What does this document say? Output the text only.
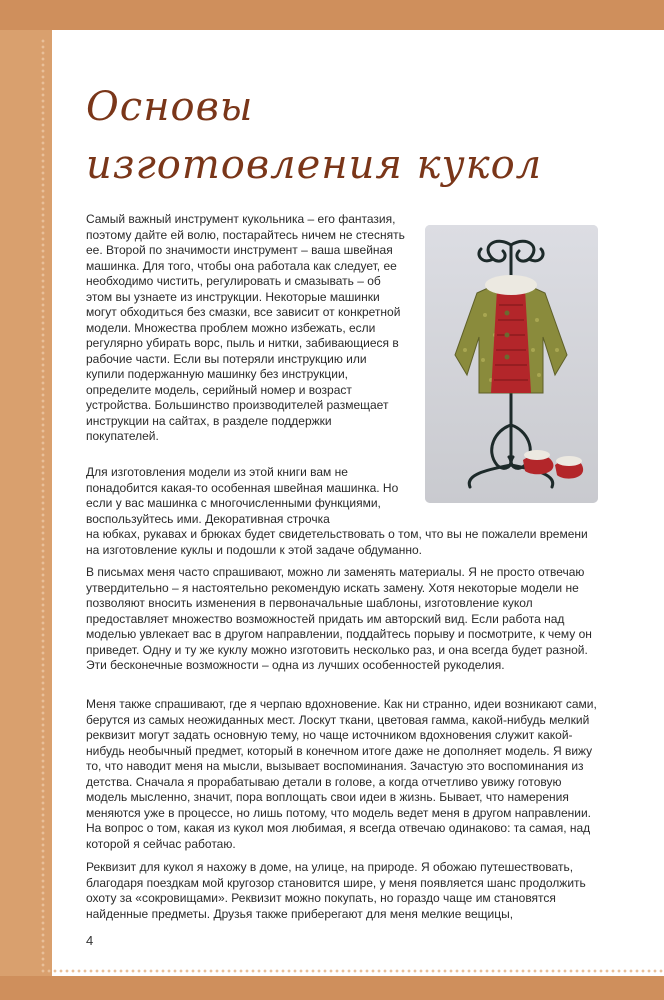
Основы
изготовления кукол
Самый важный инструмент кукольника – его фантазия, поэтому дайте ей волю, постарайтесь ничем не стеснять ее. Второй по значимости инструмент – ваша швейная машинка. Для того, чтобы она работала как следует, ее необходимо чистить, регулировать и смазывать – об этом вы узнаете из инструкции. Некоторые машинки могут обходиться без смазки, все зависит от конкретной модели. Множества проблем можно избежать, если регулярно убирать ворс, пыль и нитки, забивающиеся в рабочие части. Если вы потеряли инструкцию или купили подержанную машинку без инструкции, определите модель, серийный номер и возраст устройства. Большинство производителей размещает инструкции на сайтах, в разделе поддержки покупателей.
Для изготовления модели из этой книги вам не понадобится какая-то особенная швейная машинка. Но если у вас машинка с многочисленными функциями, воспользуйтесь ими. Декоративная строчка
на юбках, рукавах и брюках будет свидетельствовать о том, что вы не пожалели времени на изготовление куклы и подошли к этой задаче обдуманно.
В письмах меня часто спрашивают, можно ли заменять материалы. Я не просто отвечаю утвердительно – я настоятельно рекомендую искать замену. Хотя некоторые модели не позволяют вносить изменения в первоначальные шаблоны, изготовление кукол предоставляет множество возможностей придать им авторский вид. Если работа над моделью увлекает вас в другом направлении, поддайтесь порыву и посмотрите, к чему он приведет. Одну и ту же куклу можно изготовить несколько раз, и она всегда будет разной. Эти бесконечные возможности – одна из лучших особенностей рукоделия.
Меня также спрашивают, где я черпаю вдохновение. Как ни странно, идеи возникают сами, берутся из самых неожиданных мест. Лоскут ткани, цветовая гамма, какой-нибудь мелкий реквизит могут задать основную тему, но чаще источником вдохновения служит какой-нибудь необычный предмет, который в конечном итоге даже не дополняет модель. Я вижу то, что наводит меня на мысли, вызывает воспоминания. Зачастую это воспоминания из детства. Сначала я прорабатываю детали в голове, а когда отчетливо увижу готовую модель мысленно, значит, пора воплощать свои идеи в жизнь. Бывает, что намерения меняются уже в процессе, но лишь потому, что модель ведет меня в другом направлении. На вопрос о том, какая из кукол моя любимая, я всегда отвечаю одинаково: та самая, над которой я сейчас работаю.
Реквизит для кукол я нахожу в доме, на улице, на природе. Я обожаю путешествовать, благодаря поездкам мой кругозор становится шире, у меня появляется шанс продолжить охоту за «сокровищами». Реквизит можно покупать, но гораздо чаще им становятся найденные предметы. Друзья также приберегают для меня мелкие вещицы,
4
